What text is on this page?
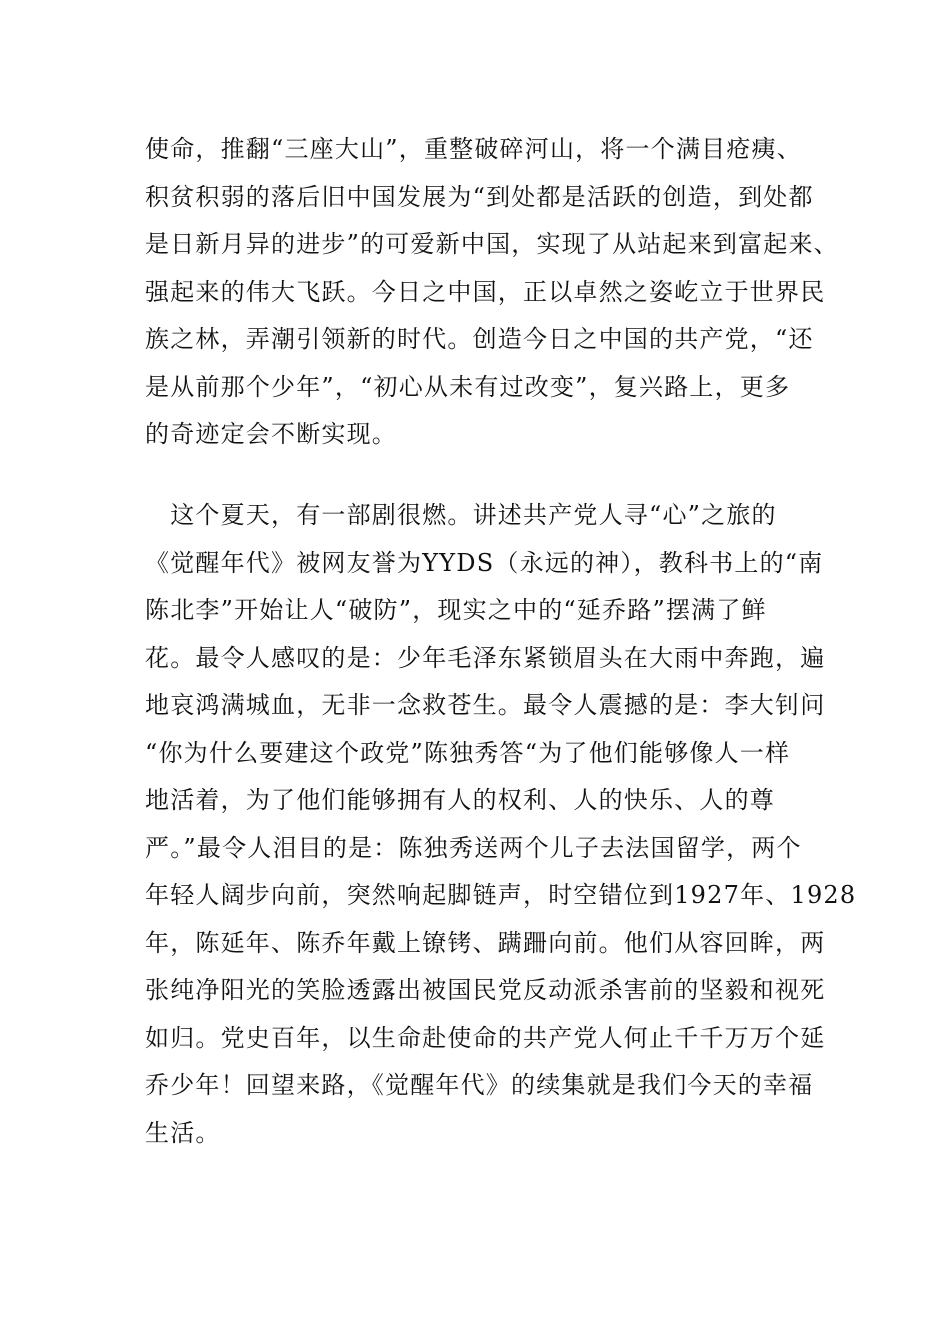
使命，推翻“三座大山”，重整破碎河山，将一个满目疮痍、
积贫积弱的落后旧中国发展为“到处都是活跃的创造，到处都
是日新月异的进步”的可爱新中国，实现了从站起来到富起来、
强起来的伟大飞跃。今日之中国，正以卓然之姿屹立于世界民
族之林，弄潮引领新的时代。创造今日之中国的共产党，“还
是从前那个少年”，“初心从未有过改变”，复兴路上，更多
的奇迹定会不断实现。
　这个夏天，有一部剧很燃。讲述共产党人寻“心”之旅的
《觉醒年代》被网友誉为YYDS（永远的神），教科书上的“南
陈北李”开始让人“破防”，现实之中的“延乔路”摆满了鲜
花。最令人感叹的是：少年毛泽东紧锁眉头在大雨中奔跑，遍
地哀鸿满城血，无非一念救苍生。最令人震撼的是：李大钊问
“你为什么要建这个政党”陈独秀答“为了他们能够像人一样
地活着，为了他们能够拥有人的权利、人的快乐、人的尊
严。”最令人泪目的是：陈独秀送两个儿子去法国留学，两个
年轻人阔步向前，突然响起脚链声，时空错位到1927年、1928
年，陈延年、陈乔年戴上镣铐、蹒跚向前。他们从容回眸，两
张纯净阳光的笑脸透露出被国民党反动派杀害前的坚毅和视死
如归。党史百年，以生命赴使命的共产党人何止千千万万个延
乔少年！回望来路，《觉醒年代》的续集就是我们今天的幸福
生活。
